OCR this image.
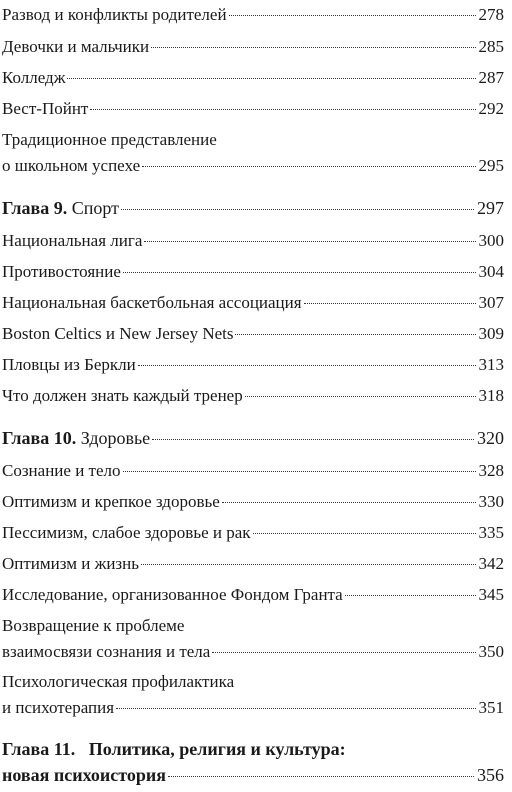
Развод и конфликты родителей	278
Девочки и мальчики	285
Колледж	287
Вест-Пойнт	292
Традиционное представление
о школьном успехе	295
Глава 9.
Спорт	297
Национальная лига	300
Противостояние	304
Национальная баскетбольная ассоциация	307
Boston Celtics и New Jersey Nets	309
Пловцы из Беркли	313
Что должен знать каждый тренер	318
Глава 10.
Здоровье	320
Сознание и тело	328
Оптимизм и крепкое здоровье	330
Пессимизм, слабое здоровье и рак	335
Оптимизм и жизнь	342
Исследование, организованное Фондом Гранта	345
Возвращение к проблеме
взаимосвязи сознания и тела	350
Психологическая профилактика
и психотерапия	351
Глава 11. Политика, религия и культура:
новая психоистория	356
